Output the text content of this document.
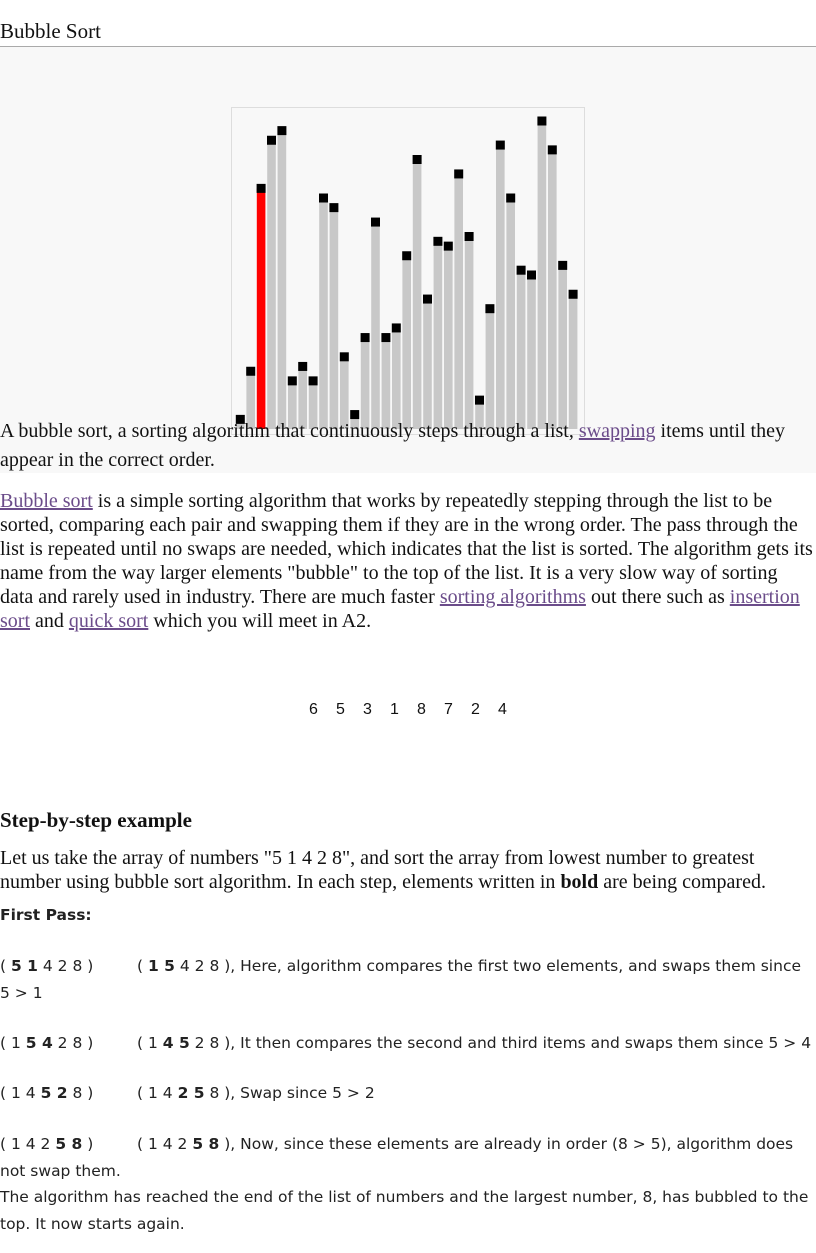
Bubble Sort
A bubble sort, a sorting algorithm that continuously steps through a list, swapping items until they appear in the correct order.

Bubble sort is a simple sorting algorithm that works by repeatedly stepping through the list to be sorted, comparing each pair and swapping them if they are in the wrong order. The pass through the list is repeated until no swaps are needed, which indicates that the list is sorted. The algorithm gets its name from the way larger elements "bubble" to the top of the list. It is a very slow way of sorting data and rarely used in industry. There are much faster sorting algorithms out there such as insertion sort and quick sort which you will meet in A2.

6 5 3 1 8 7 2 4
Step-by-step example
Let us take the array of numbers "5 1 4 2 8", and sort the array from lowest number to greatest number using bubble sort algorithm. In each step, elements written in bold are being compared.
First Pass:
( 5 1 4 2 8 )	( 1 5 4 2 8 ), Here, algorithm compares the first two elements, and swaps them since 5 > 1
( 1 5 4 2 8 )	( 1 4 5 2 8 ), It then compares the second and third items and swaps them since 5 > 4
( 1 4 5 2 8 )	( 1 4 2 5 8 ), Swap since 5 > 2
( 1 4 2 5 8 )	( 1 4 2 5 8 ), Now, since these elements are already in order (8 > 5), algorithm does not swap them.
The algorithm has reached the end of the list of numbers and the largest number, 8, has bubbled to the top. It now starts again.
